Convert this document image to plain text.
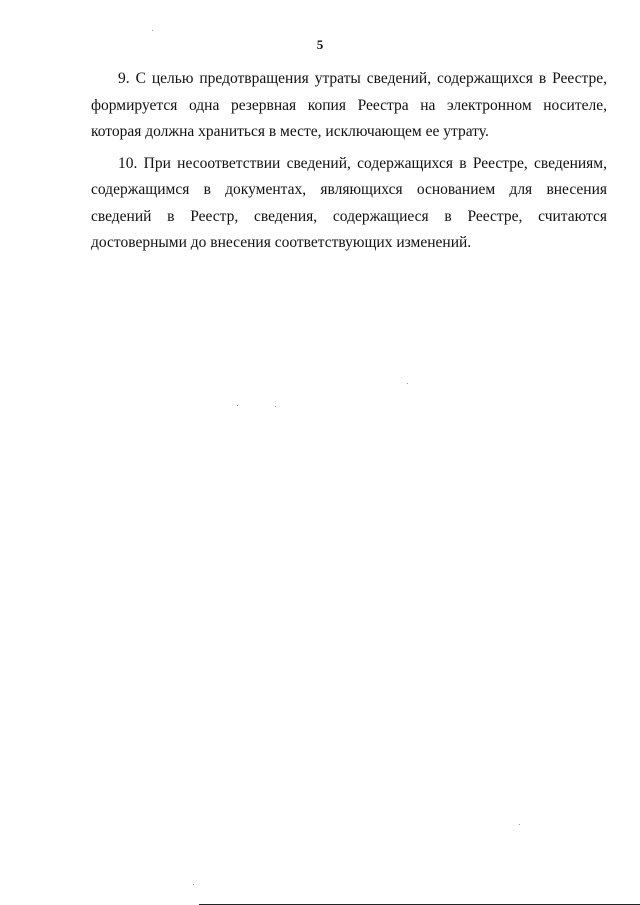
5

9. С целью предотвращения утраты сведений, содержащихся в Реестре, формируется одна резервная копия Реестра на электронном носителе, которая должна храниться в месте, исключающем ее утрату.

10. При несоответствии сведений, содержащихся в Реестре, сведениям, содержащимся в документах, являющихся основанием для внесения сведений в Реестр, сведения, содержащиеся в Реестре, считаются достоверными до внесения соответствующих изменений.
